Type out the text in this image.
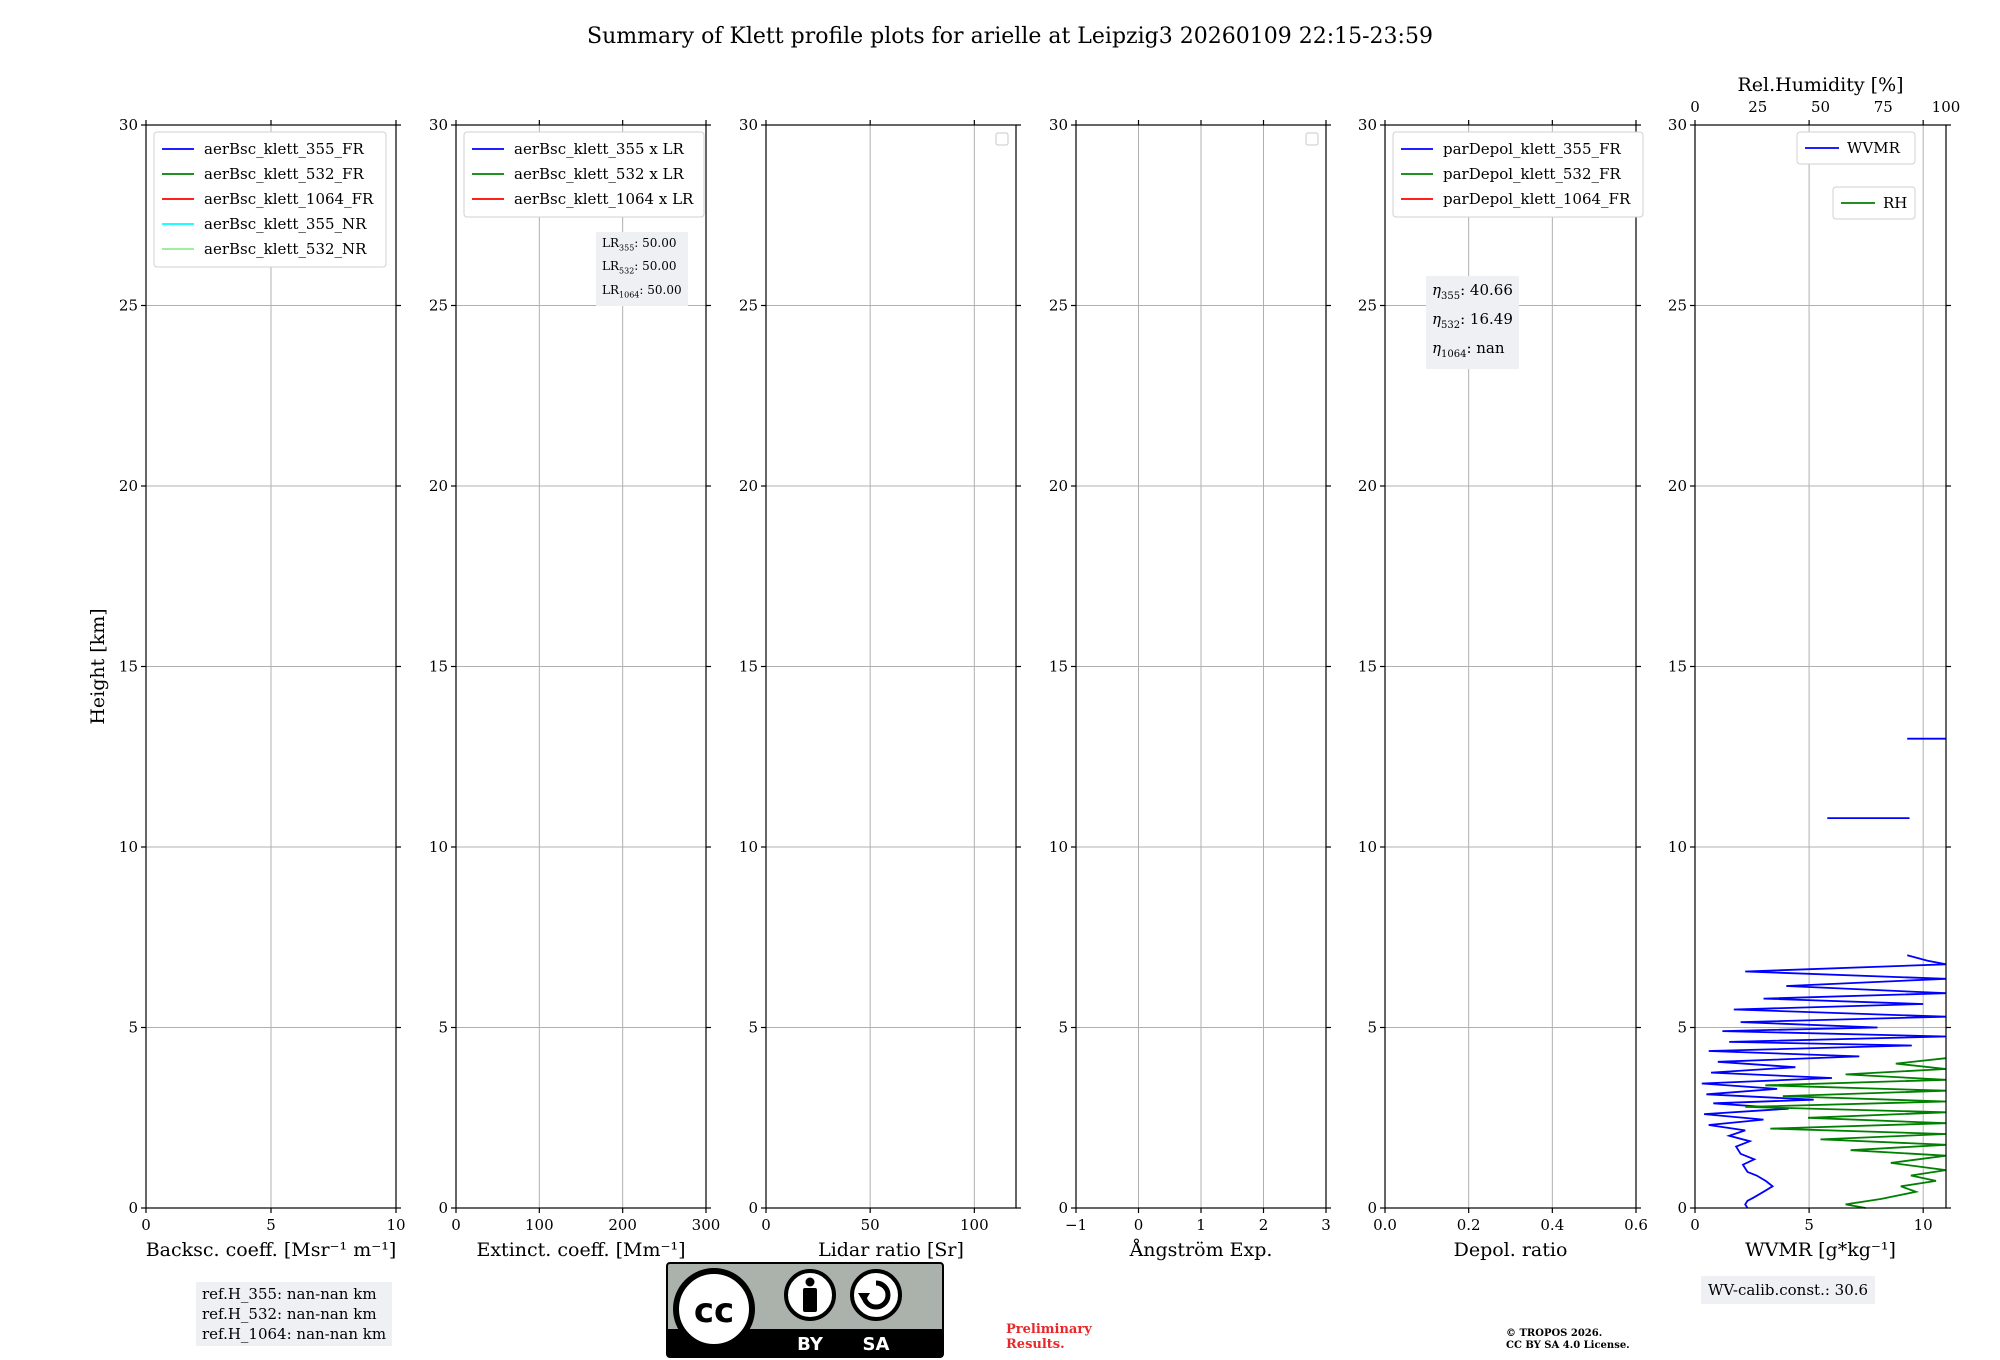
Summary of Klett profile plots for arielle at Leipzig3 20260109 22:15-23:59
0
5
10
15
20
25
30
0	5	10
Backsc. coeff. [Msr⁻¹ m⁻¹]
Height [km]
aerBsc_klett_355_FR
aerBsc_klett_532_FR
aerBsc_klett_1064_FR
aerBsc_klett_355_NR
aerBsc_klett_532_NR
0
5
10
15
20
25
30
0	100	200	300
Extinct. coeff. [Mm⁻¹]
aerBsc_klett_355 x LR
aerBsc_klett_532 x LR
aerBsc_klett_1064 x LR
0
5
10
15
20
25
30
0	50	100
Lidar ratio [Sr]
0
5
10
15
20
25
30
−1	0	1	2	3
Ångström Exp.
0
5
10
15
20
25
30
0.0	0.2	0.4	0.6
Depol. ratio
parDepol_klett_355_FR
parDepol_klett_532_FR
parDepol_klett_1064_FR
0
5
10
15
20
25
30
0	5	10
WVMR [g*kg⁻¹]
0	25	50	75	100
Rel.Humidity [%]
WVMR
RH
$LR_{355}$: 50.00
$LR_{532}$: 50.00
$LR_{1064}$: 50.00	$\eta_{355}$: 40.66
$\eta_{532}$: 16.49
$\eta_{1064}$: nan
ref.H_355: nan-nan km
ref.H_532: nan-nan km
ref.H_1064: nan-nan km
WV-calib.const.: 30.6
Preliminary
Results.
© TROPOS 2026.
CC BY SA 4.0 License.
cc
BY SA
